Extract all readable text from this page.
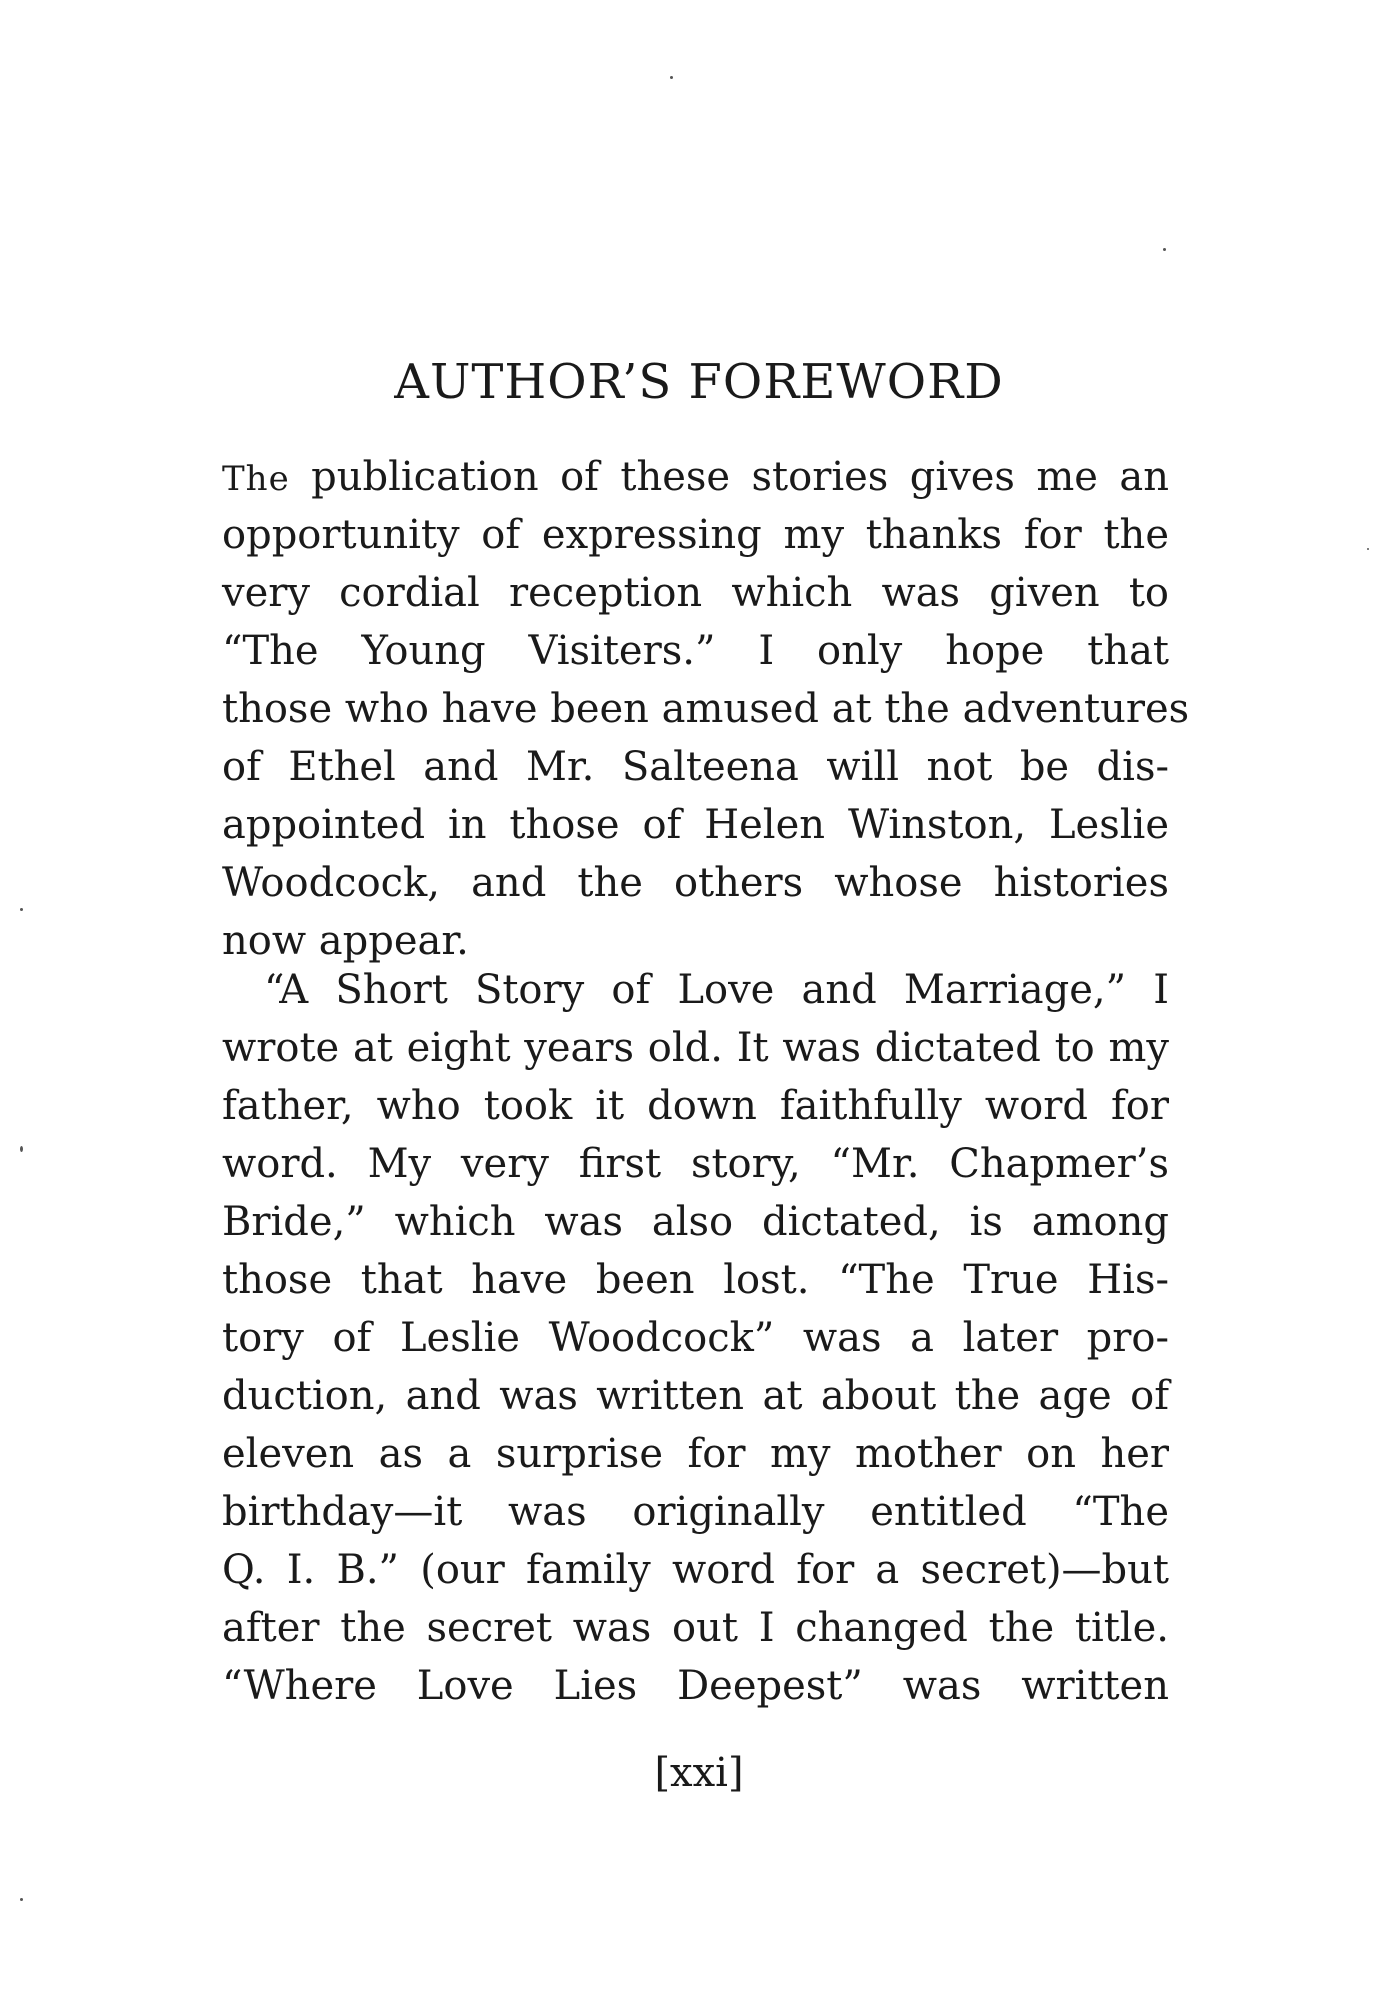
AUTHOR’S FOREWORD
The publication of these stories gives me an
opportunity of expressing my thanks for the
very cordial reception which was given to
“The Young Visiters.” I only hope that
those who have been amused at the adventures
of Ethel and Mr. Salteena will not be dis-
appointed in those of Helen Winston, Leslie
Woodcock, and the others whose histories
now appear.
“A Short Story of Love and Marriage,” I
wrote at eight years old. It was dictated to my
father, who took it down faithfully word for
word. My very first story, “Mr. Chapmer’s
Bride,” which was also dictated, is among
those that have been lost. “The True His-
tory of Leslie Woodcock” was a later pro-
duction, and was written at about the age of
eleven as a surprise for my mother on her
birthday—it was originally entitled “The
Q. I. B.” (our family word for a secret)—but
after the secret was out I changed the title.
“Where Love Lies Deepest” was written
[xxi]
